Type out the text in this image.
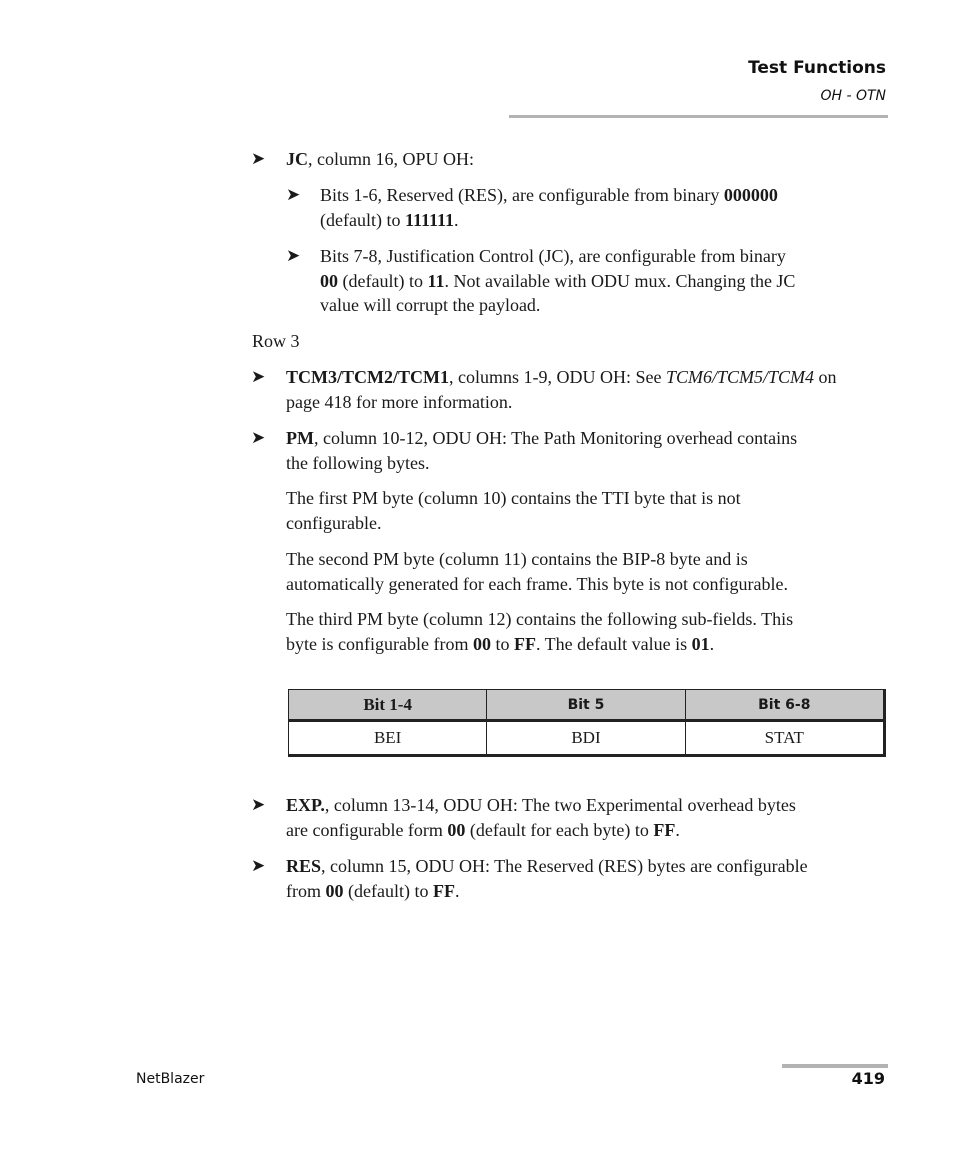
Test Functions
OH - OTN
➤ JC, column 16, OPU OH:
➤ Bits 1-6, Reserved (RES), are configurable from binary 000000
(default) to 111111.
➤ Bits 7-8, Justification Control (JC), are configurable from binary
00 (default) to 11. Not available with ODU mux. Changing the JC
value will corrupt the payload.
Row 3
➤ TCM3/TCM2/TCM1, columns 1-9, ODU OH: See TCM6/TCM5/TCM4 on
page 418 for more information.
➤ PM, column 10-12, ODU OH: The Path Monitoring overhead contains
the following bytes.
The first PM byte (column 10) contains the TTI byte that is not
configurable.
The second PM byte (column 11) contains the BIP-8 byte and is
automatically generated for each frame. This byte is not configurable.
The third PM byte (column 12) contains the following sub-fields. This
byte is configurable from 00 to FF. The default value is 01.
Bit 1-4	Bit 5	Bit 6-8
BEI	BDI	STAT
➤ EXP., column 13-14, ODU OH: The two Experimental overhead bytes
are configurable form 00 (default for each byte) to FF.
➤ RES, column 15, ODU OH: The Reserved (RES) bytes are configurable
from 00 (default) to FF.
NetBlazer	419
